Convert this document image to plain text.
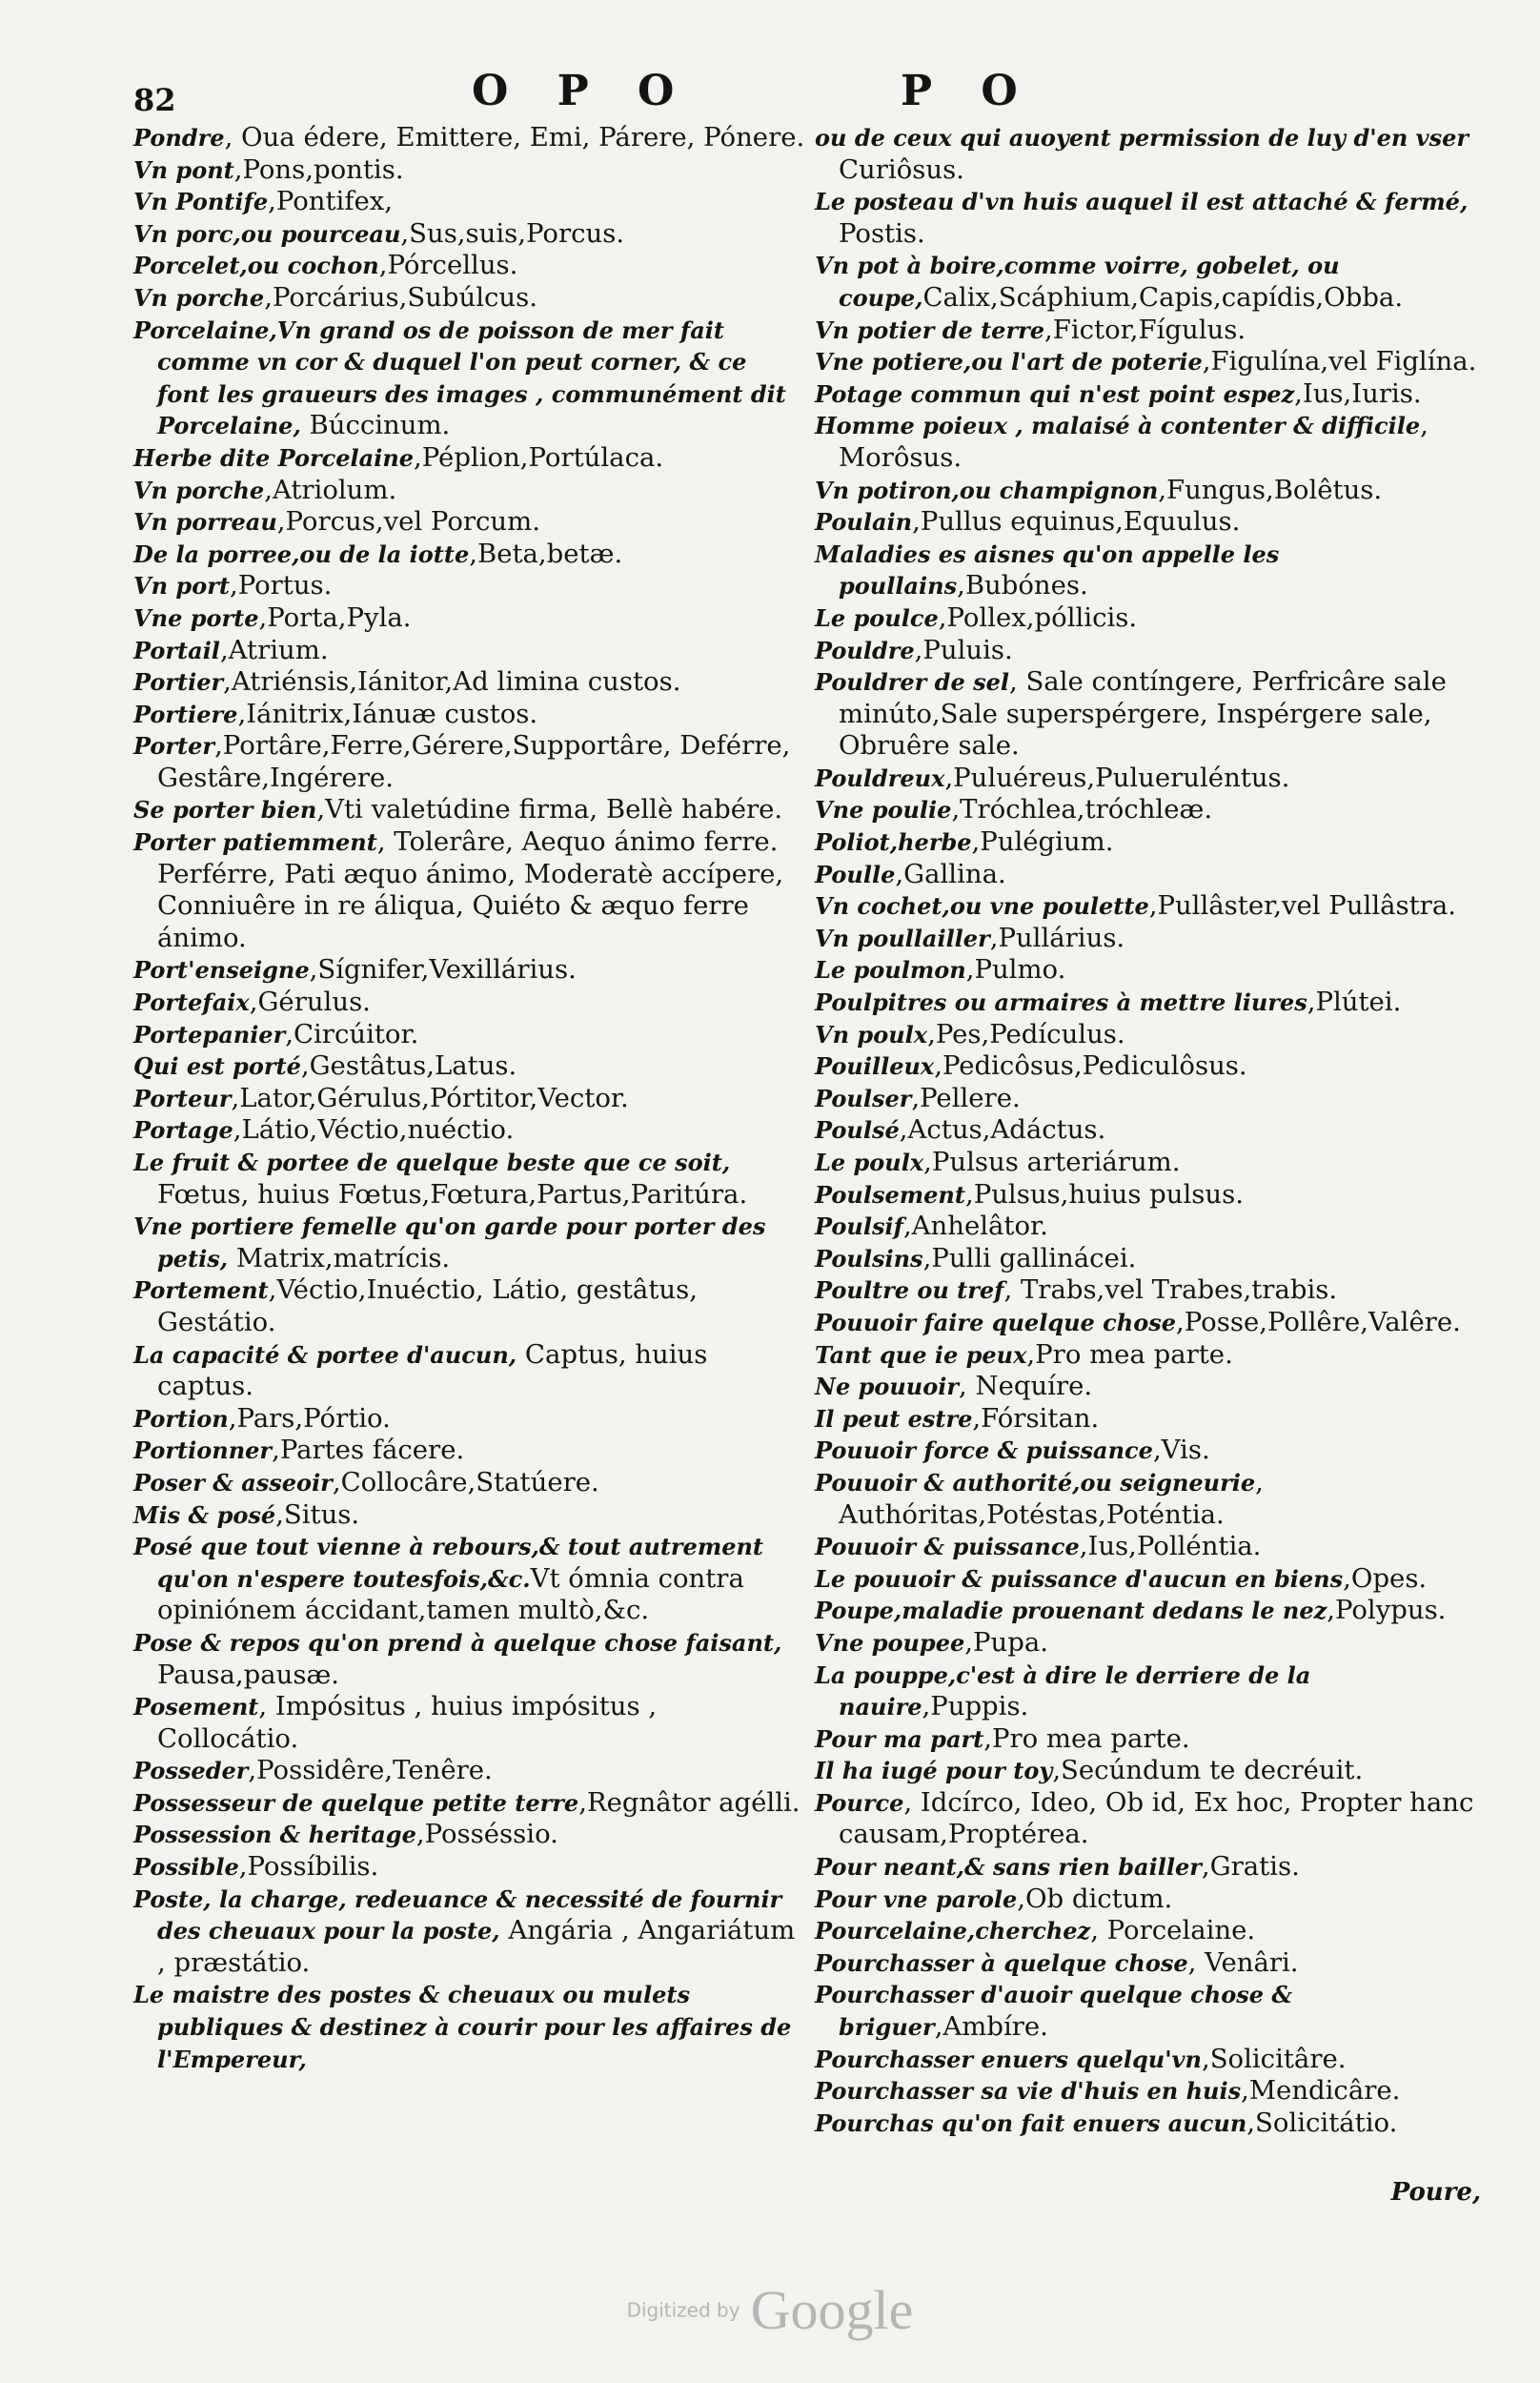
82	O P O	P O

Pondre, Oua édere, Emittere, Emi, Párere, Pónere.

Vn pont,Pons,pontis.

Vn Pontife,Pontifex,

Vn porc,ou pourceau,Sus,suis,Porcus.

Porcelet,ou cochon,Pórcellus.

Vn porche,Porcárius,Subúlcus.

Porcelaine,Vn grand os de poisson de mer fait comme vn cor & duquel l'on peut corner, & ce font les graueurs des images , communément dit Porcelaine, Búccinum.

Herbe dite Porcelaine,Péplion,Portúlaca.

Vn porche,Atriolum.

Vn porreau,Porcus,vel Porcum.

De la porree,ou de la iotte,Beta,betæ.

Vn port,Portus.

Vne porte,Porta,Pyla.

Portail,Atrium.

Portier,Atriénsis,Iánitor,Ad limina custos.

Portiere,Iánitrix,Iánuæ custos.

Porter,Portâre,Ferre,Gérere,Supportâre, Deférre, Gestâre,Ingérere.

Se porter bien,Vti valetúdine firma, Bellè habére.

Porter patiemment, Tolerâre, Aequo ánimo ferre. Perférre, Pati æquo ánimo, Moderatè accípere, Conniuêre in re áliqua, Quiéto & æquo ferre ánimo.

Port'enseigne,Sígnifer,Vexillárius.

Portefaix,Gérulus.

Portepanier,Circúitor.

Qui est porté,Gestâtus,Latus.

Porteur,Lator,Gérulus,Pórtitor,Vector.

Portage,Látio,Véctio,nuéctio.

Le fruit & portee de quelque beste que ce soit, Fœtus, huius Fœtus,Fœtura,Partus,Paritúra.

Vne portiere femelle qu'on garde pour porter des petis, Matrix,matrícis.

Portement,Véctio,Inuéctio, Látio, gestâtus, Gestátio.

La capacité & portee d'aucun, Captus, huius captus.

Portion,Pars,Pórtio.

Portionner,Partes fácere.

Poser & asseoir,Collocâre,Statúere.

Mis & posé,Situs.

Posé que tout vienne à rebours,& tout autrement qu'on n'espere toutesfois,&c.Vt ómnia contra opiniónem áccidant,tamen multò,&c.

Pose & repos qu'on prend à quelque chose faisant, Pausa,pausæ.

Posement, Impósitus , huius impósitus , Collocátio.

Posseder,Possidêre,Tenêre.

Possesseur de quelque petite terre,Regnâtor agélli.

Possession & heritage,Posséssio.

Possible,Possíbilis.

Poste, la charge, redeuance & necessité de fournir des cheuaux pour la poste, Angária , Angariátum , præstátio.

Le maistre des postes & cheuaux ou mulets publiques & destinez à courir pour les affaires de l'Empereur,

ou de ceux qui auoyent permission de luy d'en vser Curiôsus.

Le posteau d'vn huis auquel il est attaché & fermé, Postis.

Vn pot à boire,comme voirre, gobelet, ou coupe,Calix,Scáphium,Capis,capídis,Obba.

Vn potier de terre,Fictor,Fígulus.

Vne potiere,ou l'art de poterie,Figulína,vel Figlína.

Potage commun qui n'est point espez,Ius,Iuris.

Homme poieux , malaisé à contenter & difficile, Morôsus.

Vn potiron,ou champignon,Fungus,Bolêtus.

Poulain,Pullus equinus,Equulus.

Maladies es aisnes qu'on appelle les poullains,Bubónes.

Le poulce,Pollex,póllicis.

Pouldre,Puluis.

Pouldrer de sel, Sale contíngere, Perfricâre sale minúto,Sale superspérgere, Inspérgere sale, Obruêre sale.

Pouldreux,Puluéreus,Pulueruléntus.

Vne poulie,Tróchlea,tróchleæ.

Poliot,herbe,Pulégium.

Poulle,Gallina.

Vn cochet,ou vne poulette,Pullâster,vel Pullâstra.

Vn poullailler,Pullárius.

Le poulmon,Pulmo.

Poulpitres ou armaires à mettre liures,Plútei.

Vn poulx,Pes,Pedículus.

Pouilleux,Pedicôsus,Pediculôsus.

Poulser,Pellere.

Poulsé,Actus,Adáctus.

Le poulx,Pulsus arteriárum.

Poulsement,Pulsus,huius pulsus.

Poulsif,Anhelâtor.

Poulsins,Pulli gallinácei.

Poultre ou tref, Trabs,vel Trabes,trabis.

Pouuoir faire quelque chose,Posse,Pollêre,Valêre.

Tant que ie peux,Pro mea parte.

Ne pouuoir, Nequíre.

Il peut estre,Fórsitan.

Pouuoir force & puissance,Vis.

Pouuoir & authorité,ou seigneurie, Authóritas,Potéstas,Poténtia.

Pouuoir & puissance,Ius,Polléntia.

Le pouuoir & puissance d'aucun en biens,Opes.

Poupe,maladie prouenant dedans le nez,Polypus.

Vne poupee,Pupa.

La pouppe,c'est à dire le derriere de la nauire,Puppis.

Pour ma part,Pro mea parte.

Il ha iugé pour toy,Secúndum te decréuit.

Pource, Idcírco, Ideo, Ob id, Ex hoc, Propter hanc causam,Proptérea.

Pour neant,& sans rien bailler,Gratis.

Pour vne parole,Ob dictum.

Pourcelaine,cherchez, Porcelaine.

Pourchasser à quelque chose, Venâri.

Pourchasser d'auoir quelque chose & briguer,Ambíre.

Pourchasser enuers quelqu'vn,Solicitâre.

Pourchasser sa vie d'huis en huis,Mendicâre.

Pourchas qu'on fait enuers aucun,Solicitátio.

Poure,
Digitized by Google
